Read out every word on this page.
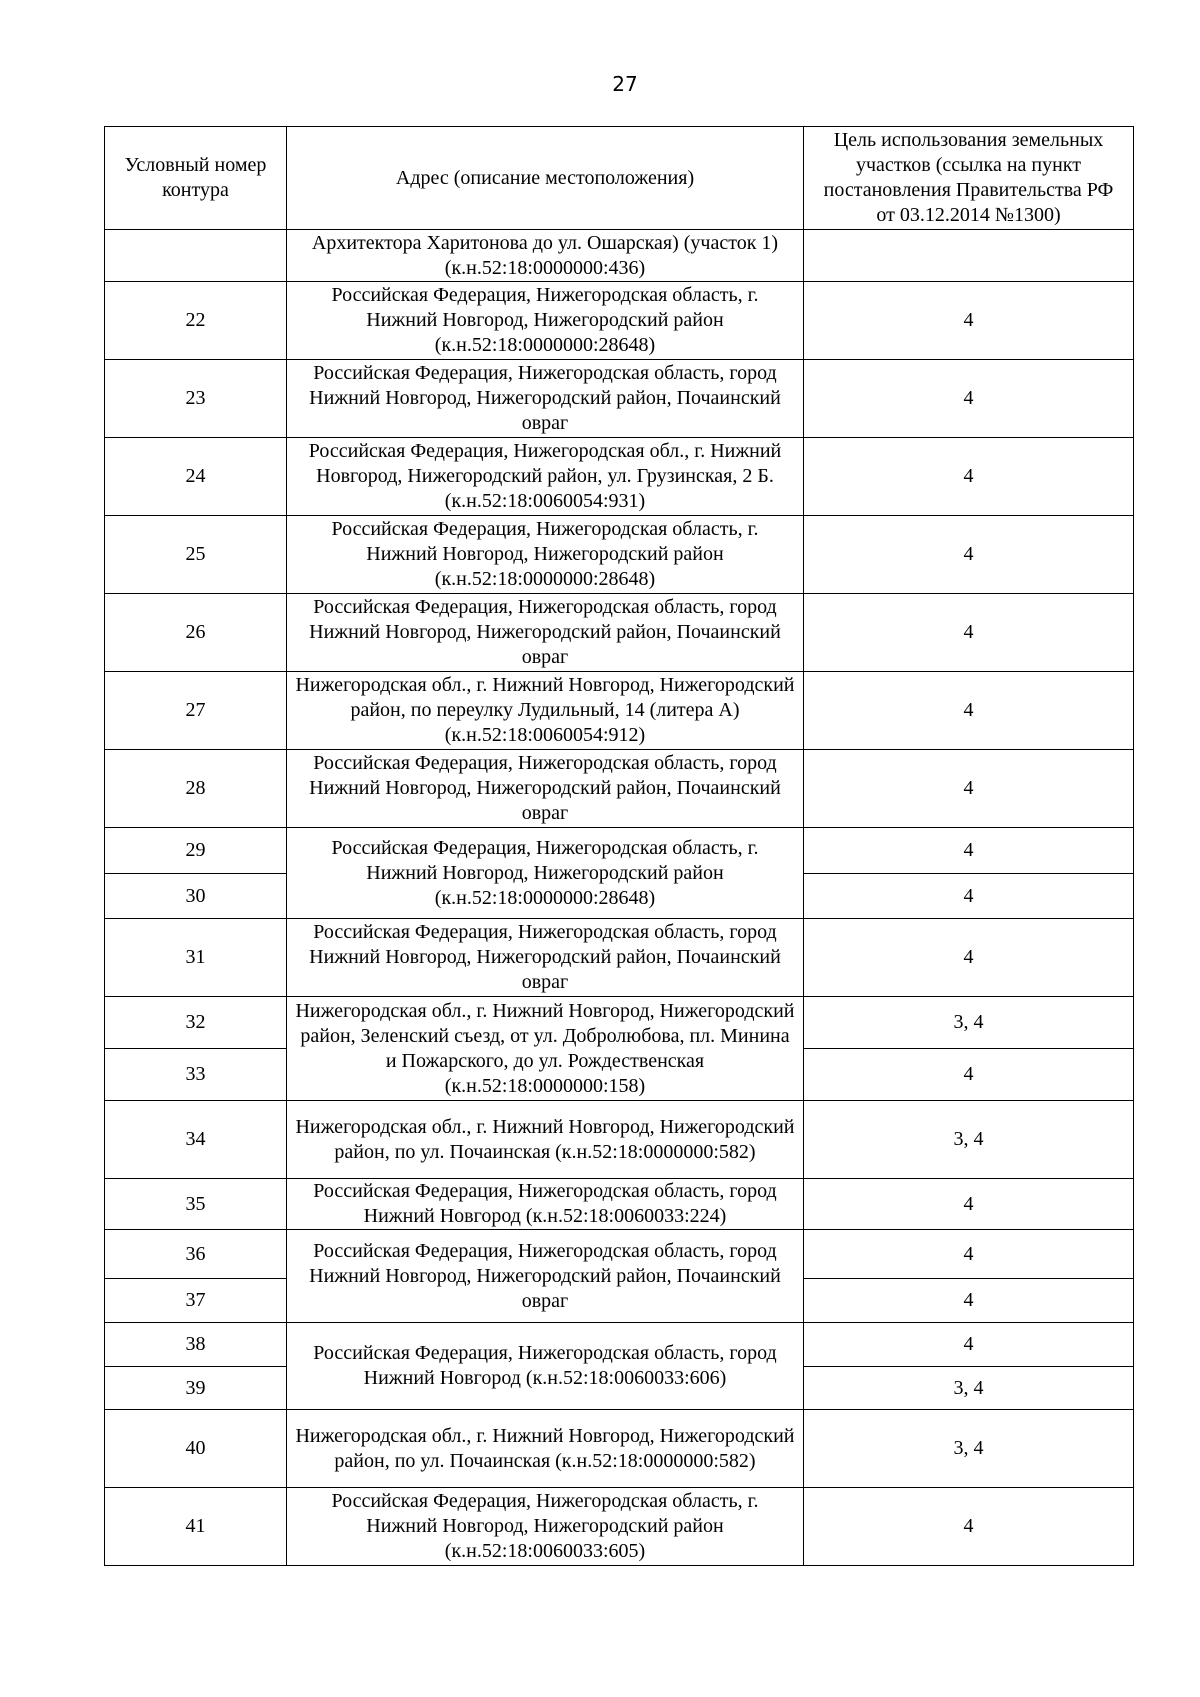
27
Условный номер контура	Адрес (описание местоположения)	Цель использования земельных участков (ссылка на пункт постановления Правительства РФ от 03.12.2014 №1300)
	Архитектора Харитонова до ул. Ошарская) (участок 1) (к.н.52:18:0000000:436)	
22	Российская Федерация, Нижегородская область, г. Нижний Новгород, Нижегородский район (к.н.52:18:0000000:28648)	4
23	Российская Федерация, Нижегородская область, город Нижний Новгород, Нижегородский район, Почаинский овраг	4
24	Российская Федерация, Нижегородская обл., г. Нижний Новгород, Нижегородский район, ул. Грузинская, 2 Б. (к.н.52:18:0060054:931)	4
25	Российская Федерация, Нижегородская область, г. Нижний Новгород, Нижегородский район (к.н.52:18:0000000:28648)	4
26	Российская Федерация, Нижегородская область, город Нижний Новгород, Нижегородский район, Почаинский овраг	4
27	Нижегородская обл., г. Нижний Новгород, Нижегородский район, по переулку Лудильный, 14 (литера А) (к.н.52:18:0060054:912)	4
28	Российская Федерация, Нижегородская область, город Нижний Новгород, Нижегородский район, Почаинский овраг	4
29	Российская Федерация, Нижегородская область, г. Нижний Новгород, Нижегородский район (к.н.52:18:0000000:28648)	4
30		4
31	Российская Федерация, Нижегородская область, город Нижний Новгород, Нижегородский район, Почаинский овраг	4
32	Нижегородская обл., г. Нижний Новгород, Нижегородский район, Зеленский съезд, от ул. Добролюбова, пл. Минина и Пожарского, до ул. Рождественская (к.н.52:18:0000000:158)	3, 4
33		4
34	Нижегородская обл., г. Нижний Новгород, Нижегородский район, по ул. Почаинская (к.н.52:18:0000000:582)	3, 4
35	Российская Федерация, Нижегородская область, город Нижний Новгород (к.н.52:18:0060033:224)	4
36	Российская Федерация, Нижегородская область, город Нижний Новгород, Нижегородский район, Почаинский овраг	4
37		4
38	Российская Федерация, Нижегородская область, город Нижний Новгород (к.н.52:18:0060033:606)	4
39		3, 4
40	Нижегородская обл., г. Нижний Новгород, Нижегородский район, по ул. Почаинская (к.н.52:18:0000000:582)	3, 4
41	Российская Федерация, Нижегородская область, г. Нижний Новгород, Нижегородский район (к.н.52:18:0060033:605)	4
